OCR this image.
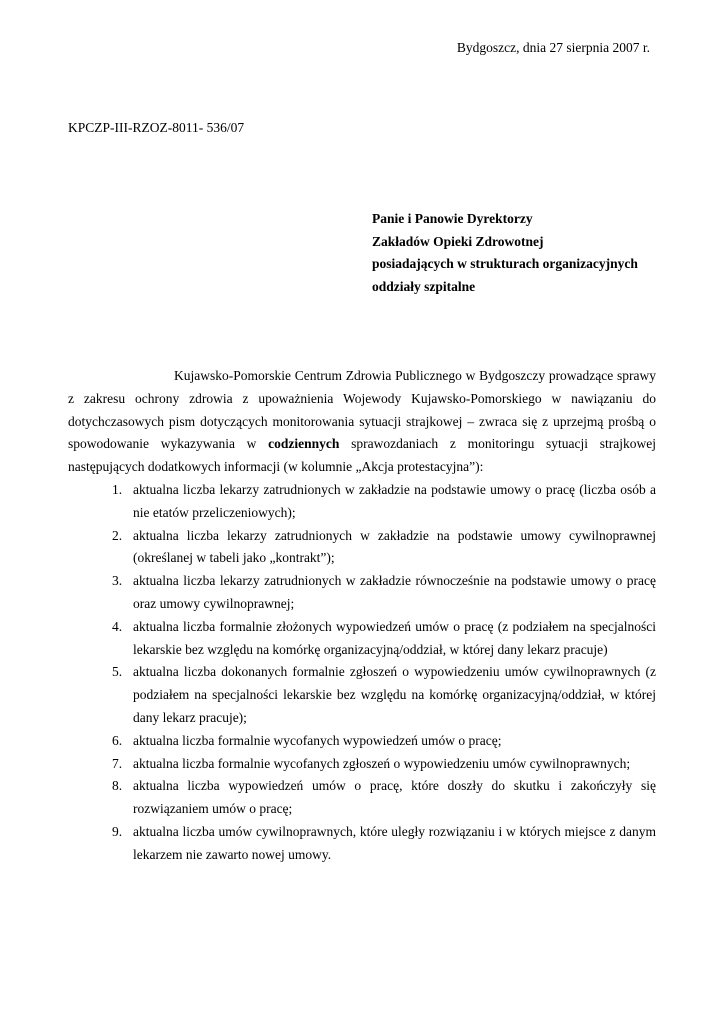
Bydgoszcz, dnia 27 sierpnia 2007 r.

KPCZP-III-RZOZ-8011- 536/07

Panie i Panowie Dyrektorzy
Zakładów Opieki Zdrowotnej
posiadających w strukturach organizacyjnych
oddziały szpitalne

Kujawsko-Pomorskie Centrum Zdrowia Publicznego w Bydgoszczy prowadzące sprawy z zakresu ochrony zdrowia z upoważnienia Wojewody Kujawsko-Pomorskiego w nawiązaniu do dotychczasowych pism dotyczących monitorowania sytuacji strajkowej – zwraca się z uprzejmą prośbą o spowodowanie wykazywania w codziennych sprawozdaniach z monitoringu sytuacji strajkowej następujących dodatkowych informacji (w kolumnie „Akcja protestacyjna”):

1. aktualna liczba lekarzy zatrudnionych w zakładzie na podstawie umowy o pracę (liczba osób a nie etatów przeliczeniowych);
2. aktualna liczba lekarzy zatrudnionych w zakładzie na podstawie umowy cywilnoprawnej (określanej w tabeli jako „kontrakt”);
3. aktualna liczba lekarzy zatrudnionych w zakładzie równocześnie na podstawie umowy o pracę oraz umowy cywilnoprawnej;
4. aktualna liczba formalnie złożonych wypowiedzeń umów o pracę (z podziałem na specjalności lekarskie bez względu na komórkę organizacyjną/oddział, w której dany lekarz pracuje)
5. aktualna liczba dokonanych formalnie zgłoszeń o wypowiedzeniu umów cywilnoprawnych (z podziałem na specjalności lekarskie bez względu na komórkę organizacyjną/oddział, w której dany lekarz pracuje);
6. aktualna liczba formalnie wycofanych wypowiedzeń umów o pracę;
7. aktualna liczba formalnie wycofanych zgłoszeń o wypowiedzeniu umów cywilnoprawnych;
8. aktualna liczba wypowiedzeń umów o pracę, które doszły do skutku i zakończyły się rozwiązaniem umów o pracę;
9. aktualna liczba umów cywilnoprawnych, które uległy rozwiązaniu i w których miejsce z danym lekarzem nie zawarto nowej umowy.
